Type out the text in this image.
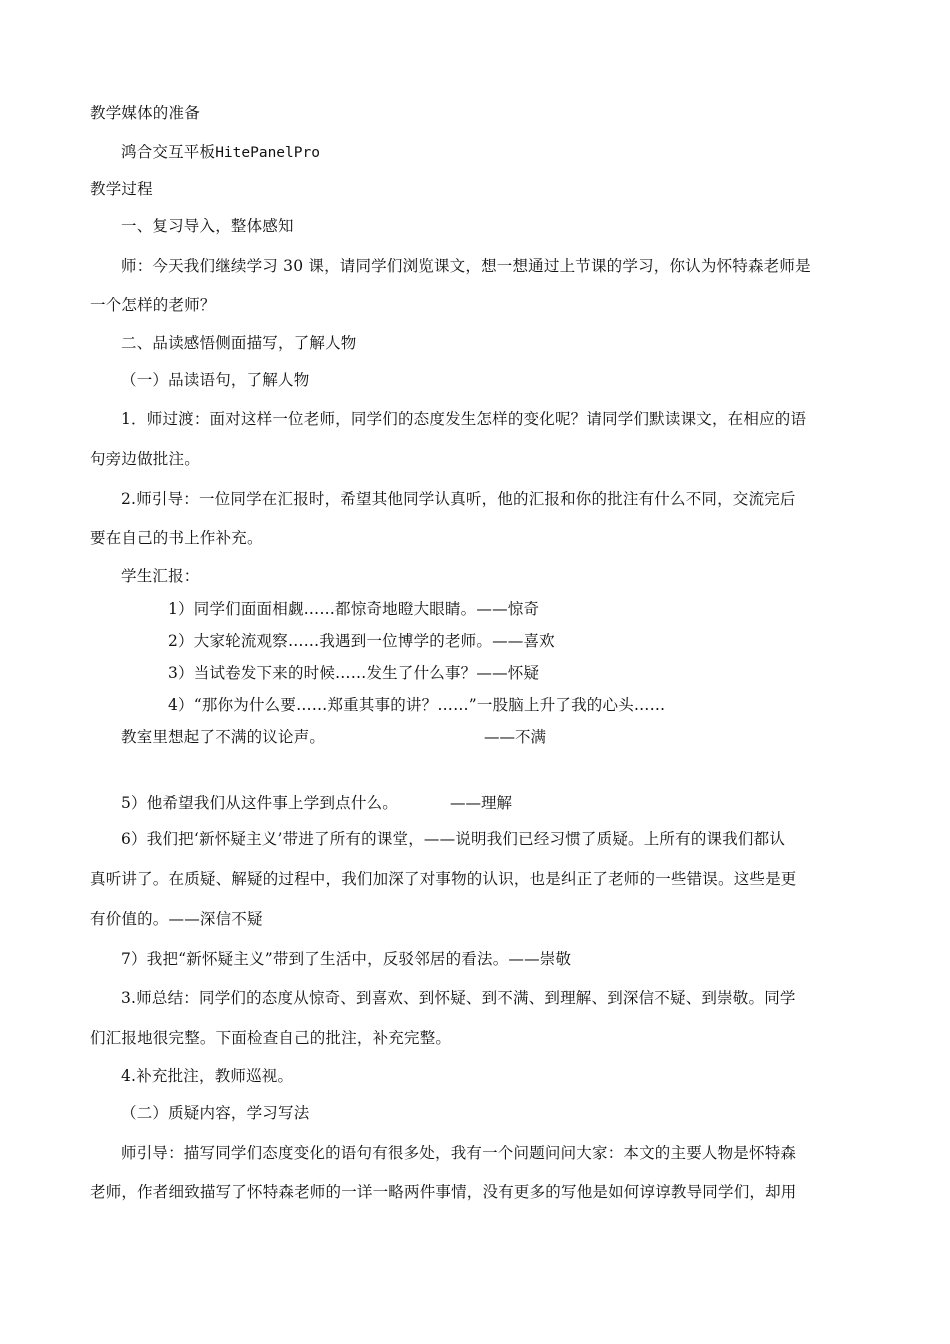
教学媒体的准备
鸿合交互平板HitePanelPro
教学过程
一、复习导入，整体感知
师：今天我们继续学习 30 课，请同学们浏览课文，想一想通过上节课的学习，你认为怀特森老师是
一个怎样的老师？
二、品读感悟侧面描写，了解人物
（一）品读语句，了解人物
1．师过渡：面对这样一位老师，同学们的态度发生怎样的变化呢？请同学们默读课文，在相应的语
句旁边做批注。
2.师引导：一位同学在汇报时，希望其他同学认真听，他的汇报和你的批注有什么不同，交流完后
要在自己的书上作补充。
学生汇报：
1）同学们面面相觑……都惊奇地瞪大眼睛。——惊奇
2）大家轮流观察……我遇到一位博学的老师。——喜欢
3）当试卷发下来的时候……发生了什么事？——怀疑
4）“那你为什么要……郑重其事的讲？……”一股脑上升了我的心头……
教室里想起了不满的议论声。	——不满
5）他希望我们从这件事上学到点什么。	——理解
6）我们把‘新怀疑主义’带进了所有的课堂，——说明我们已经习惯了质疑。上所有的课我们都认
真听讲了。在质疑、解疑的过程中，我们加深了对事物的认识，也是纠正了老师的一些错误。这些是更
有价值的。——深信不疑
7）我把“新怀疑主义”带到了生活中，反驳邻居的看法。——崇敬
3.师总结：同学们的态度从惊奇、到喜欢、到怀疑、到不满、到理解、到深信不疑、到崇敬。同学
们汇报地很完整。下面检查自己的批注，补充完整。
4.补充批注，教师巡视。
（二）质疑内容，学习写法
师引导：描写同学们态度变化的语句有很多处，我有一个问题问问大家：本文的主要人物是怀特森
老师，作者细致描写了怀特森老师的一详一略两件事情，没有更多的写他是如何谆谆教导同学们，却用
